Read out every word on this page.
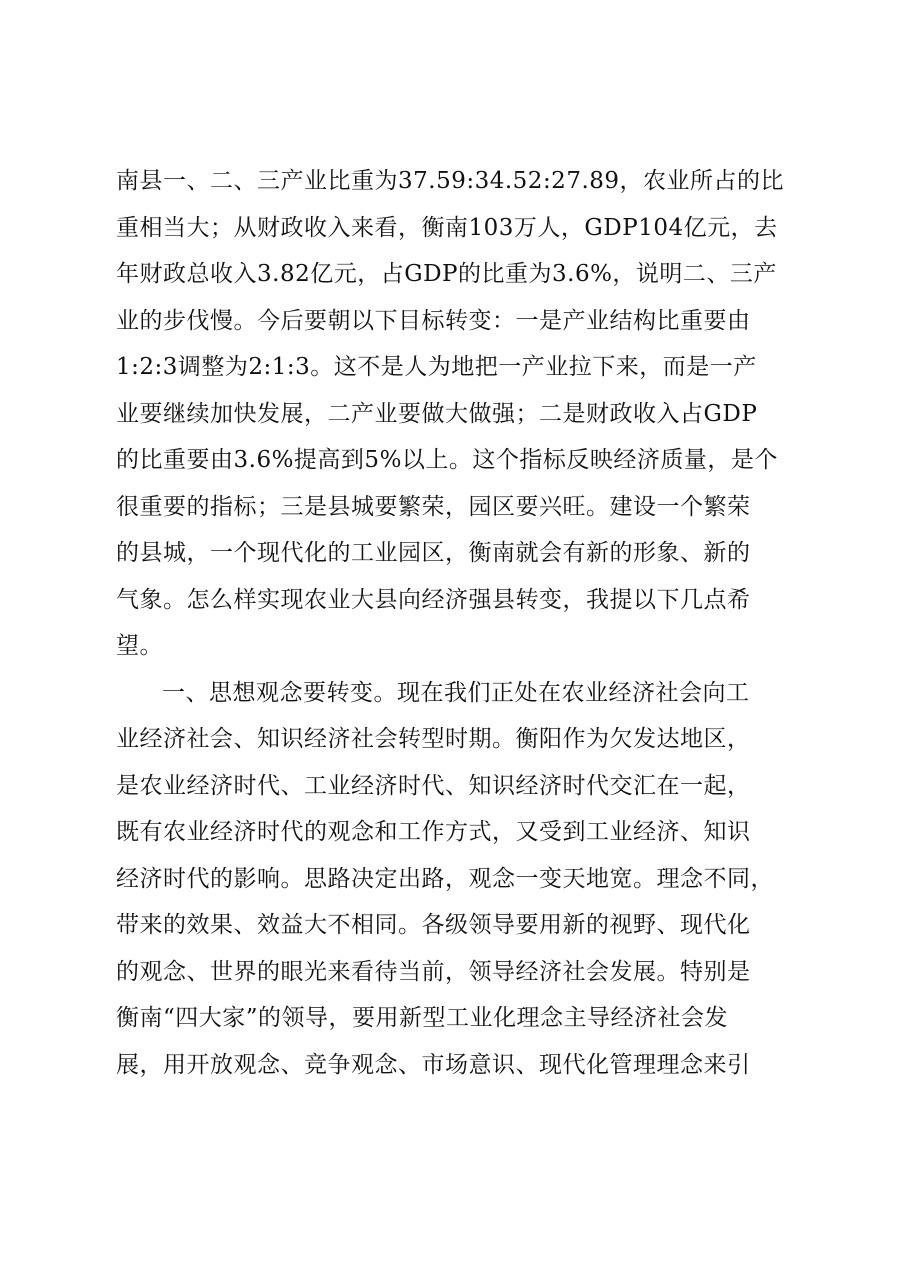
南县一、二、三产业比重为37.59:34.52:27.89，农业所占的比
重相当大；从财政收入来看，衡南103万人，GDP104亿元，去
年财政总收入3.82亿元，占GDP的比重为3.6%，说明二、三产
业的步伐慢。今后要朝以下目标转变：一是产业结构比重要由
1:2:3调整为2:1:3。这不是人为地把一产业拉下来，而是一产
业要继续加快发展，二产业要做大做强；二是财政收入占GDP
的比重要由3.6%提高到5%以上。这个指标反映经济质量，是个
很重要的指标；三是县城要繁荣，园区要兴旺。建设一个繁荣
的县城，一个现代化的工业园区，衡南就会有新的形象、新的
气象。怎么样实现农业大县向经济强县转变，我提以下几点希
望。
一、思想观念要转变。现在我们正处在农业经济社会向工
业经济社会、知识经济社会转型时期。衡阳作为欠发达地区，
是农业经济时代、工业经济时代、知识经济时代交汇在一起，
既有农业经济时代的观念和工作方式，又受到工业经济、知识
经济时代的影响。思路决定出路，观念一变天地宽。理念不同，
带来的效果、效益大不相同。各级领导要用新的视野、现代化
的观念、世界的眼光来看待当前，领导经济社会发展。特别是
衡南“四大家”的领导，要用新型工业化理念主导经济社会发
展，用开放观念、竞争观念、市场意识、现代化管理理念来引
